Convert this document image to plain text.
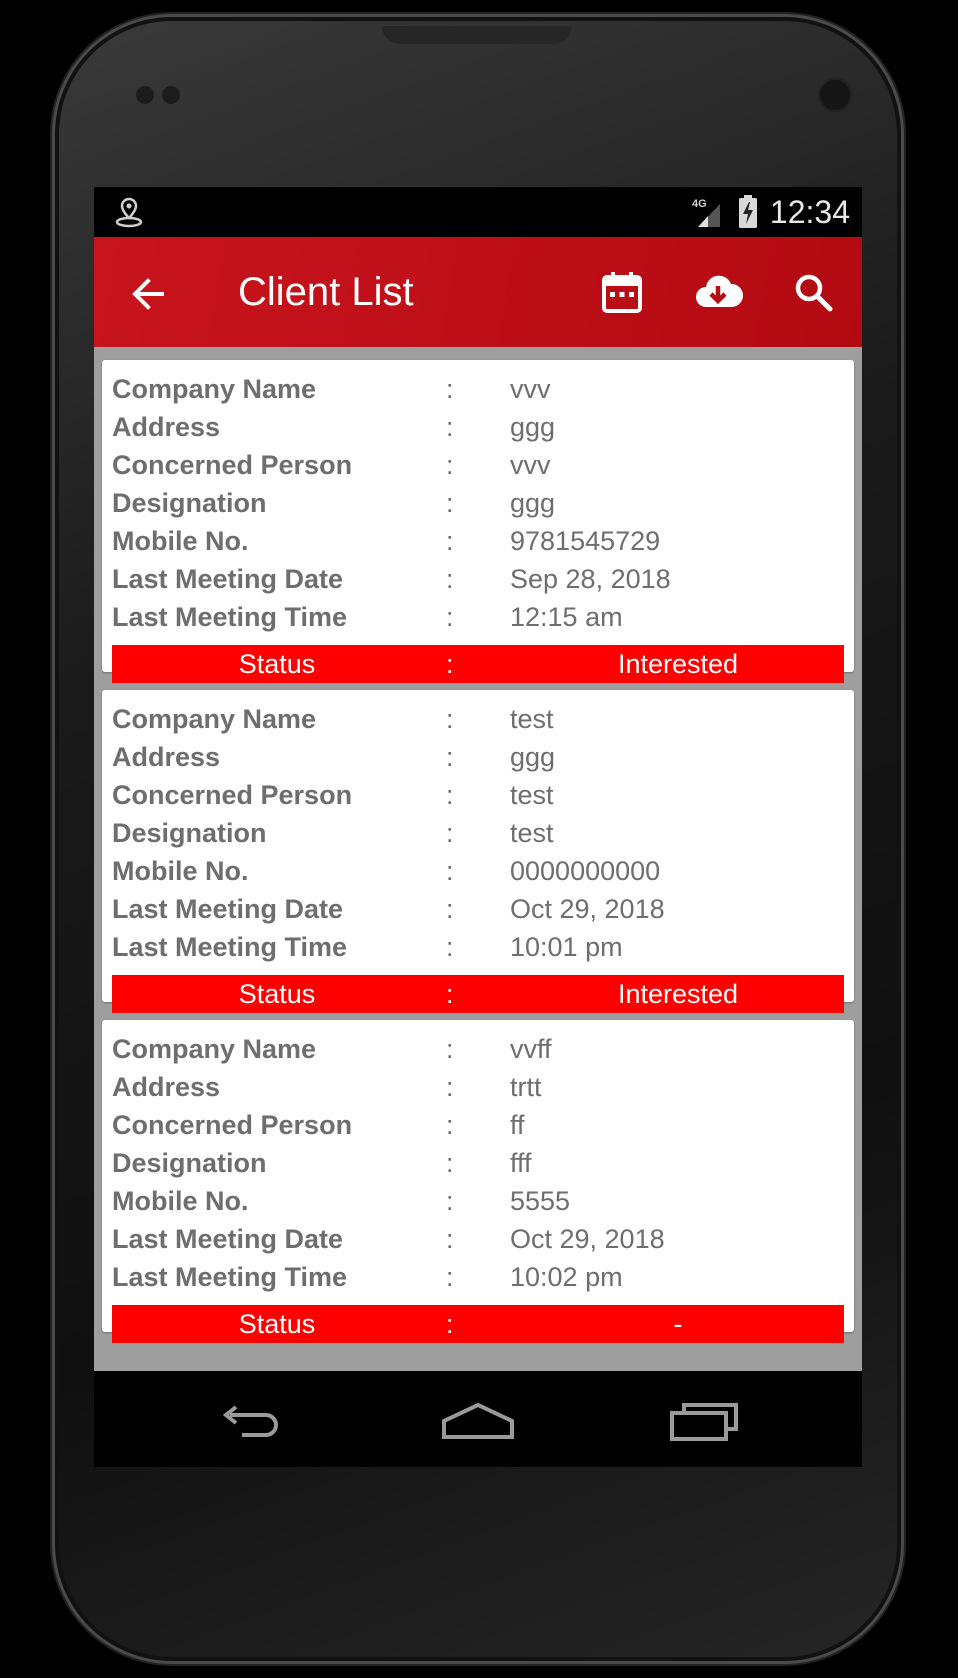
4G 12:34
Client List
Company Name	: vvv
Address	: ggg
Concerned Person	: vvv
Designation	: ggg
Mobile No.	: 9781545729
Last Meeting Date	: Sep 28, 2018
Last Meeting Time	: 12:15 am
Status	:	Interested
Company Name	: test
Address	: ggg
Concerned Person	: test
Designation	: test
Mobile No.	: 0000000000
Last Meeting Date	: Oct 29, 2018
Last Meeting Time	: 10:01 pm
Status	:	Interested
Company Name	: vvff
Address	: trtt
Concerned Person	: ff
Designation	: fff
Mobile No.	: 5555
Last Meeting Date	: Oct 29, 2018
Last Meeting Time	: 10:02 pm
Status	:	-
